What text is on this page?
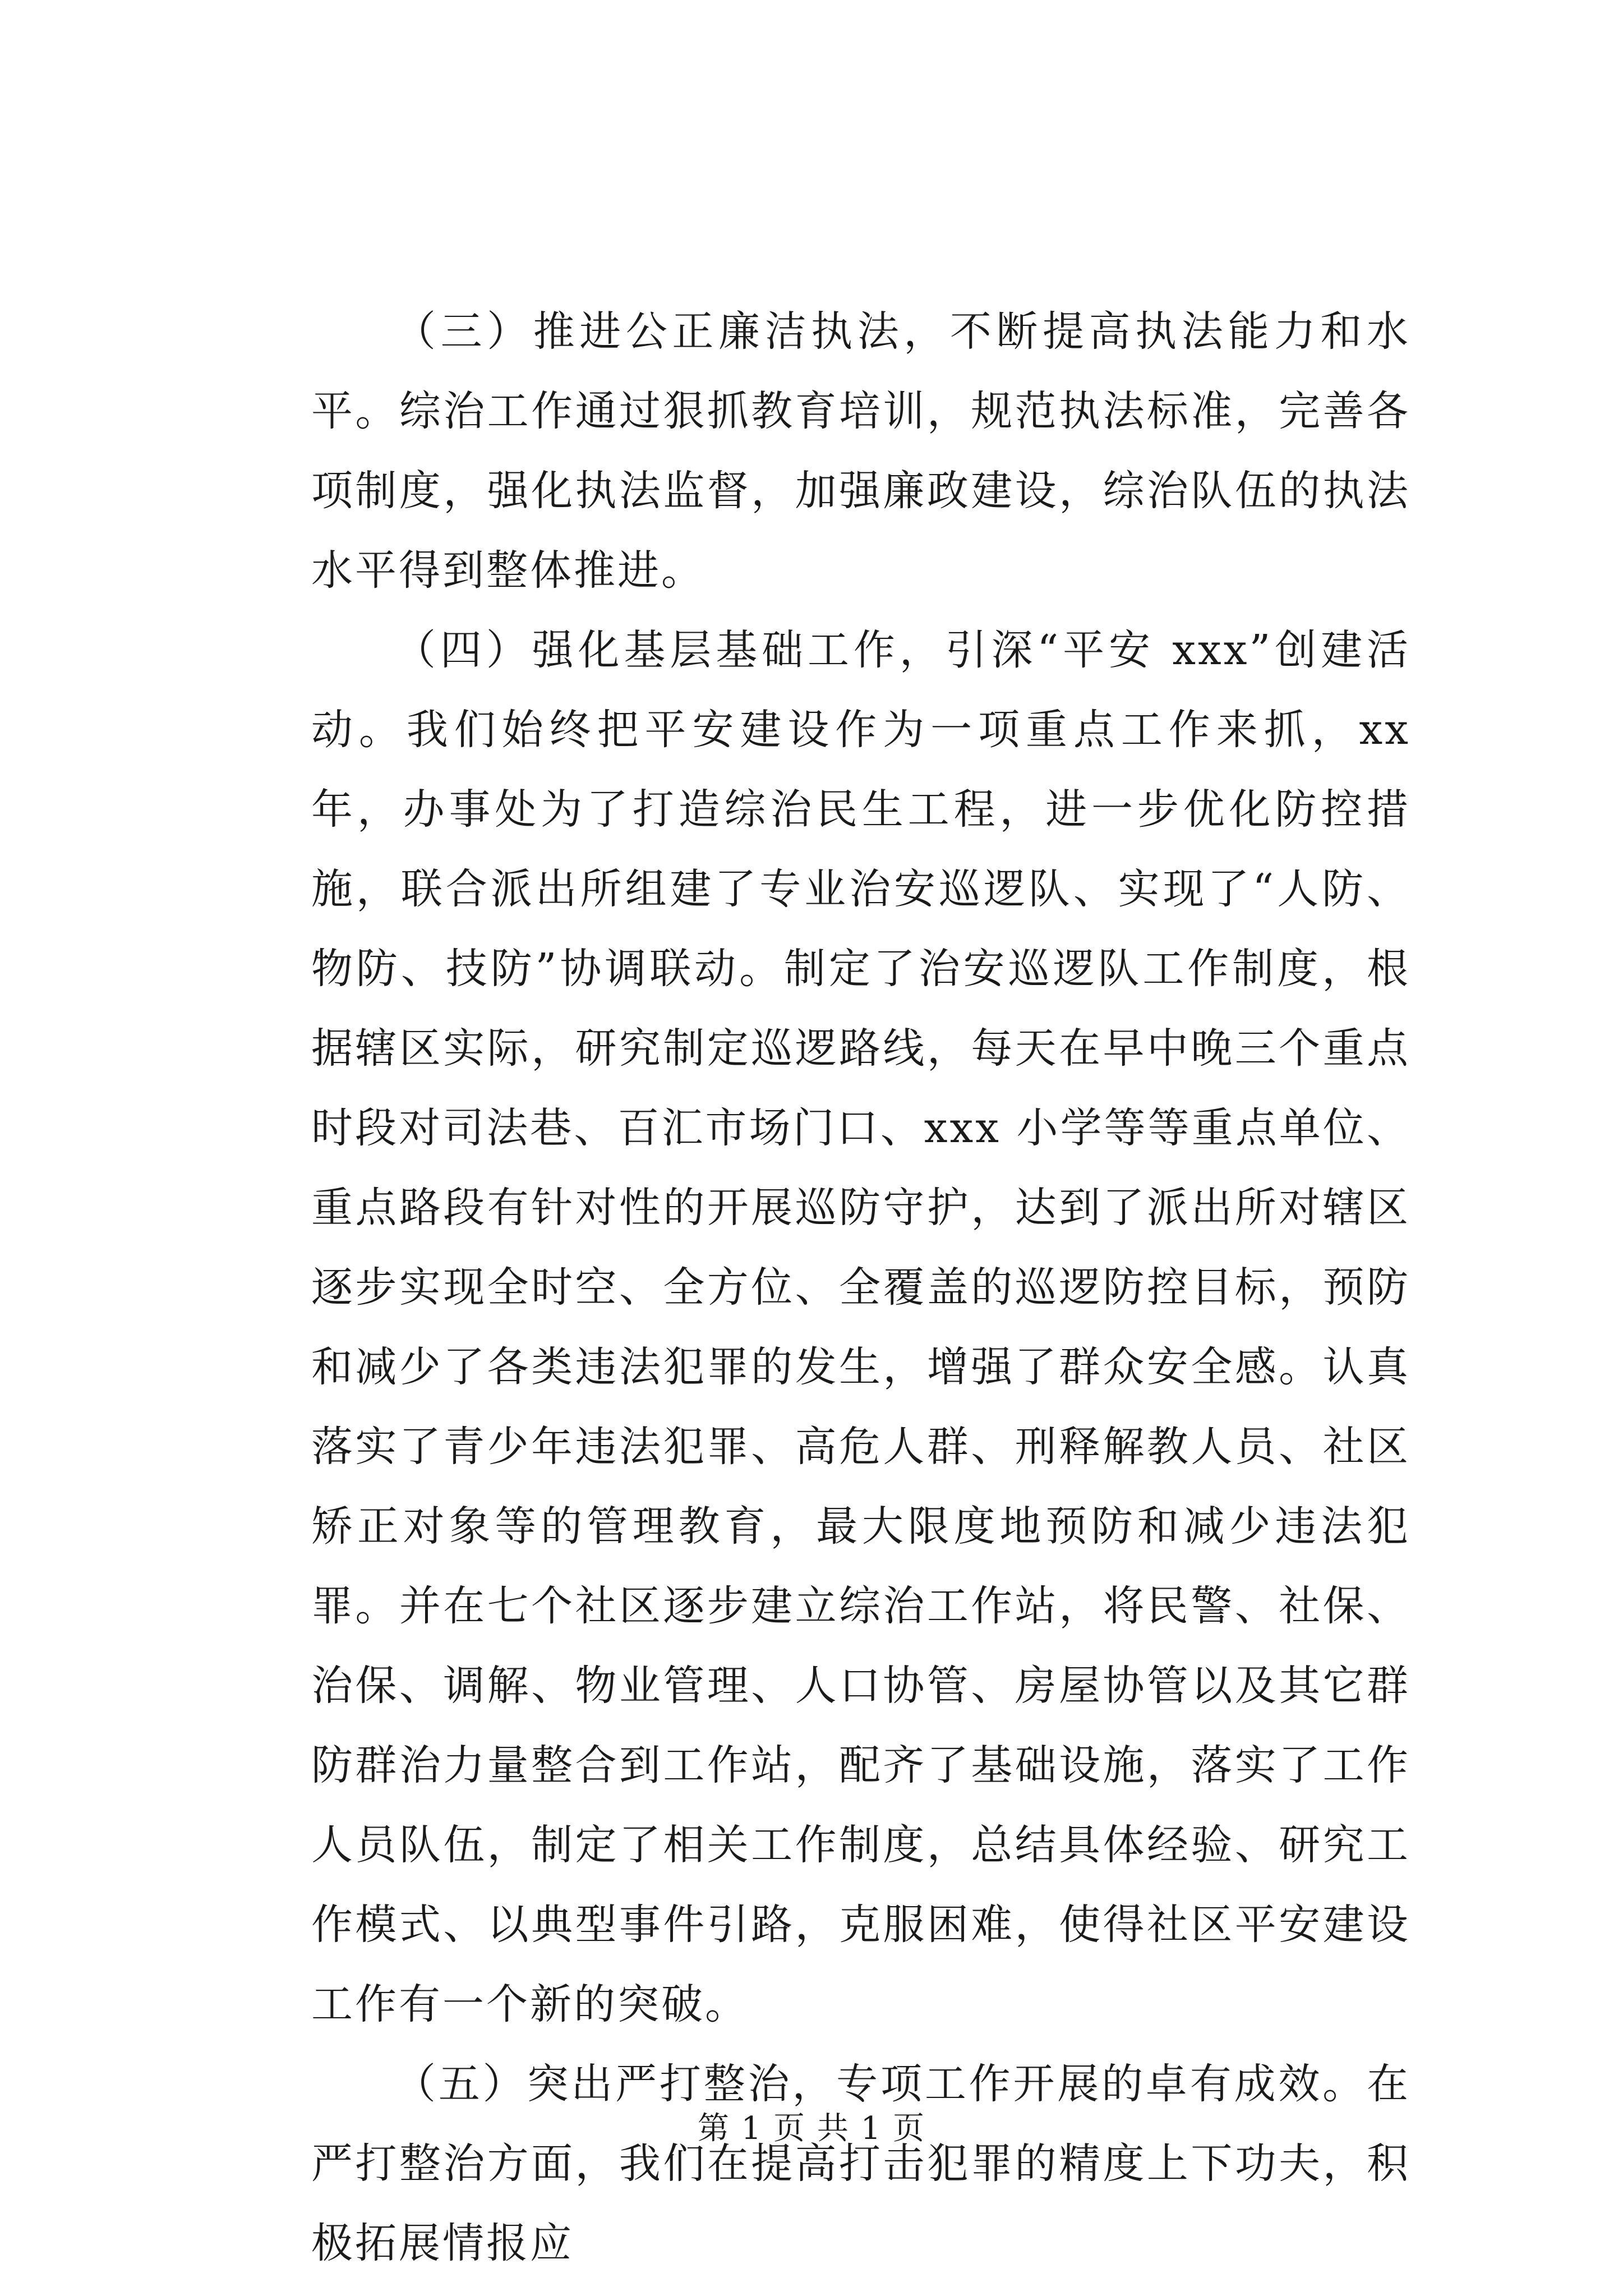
（三）推进公正廉洁执法，不断提高执法能力和水平。综治工作通过狠抓教育培训，规范执法标准，完善各项制度，强化执法监督，加强廉政建设，综治队伍的执法水平得到整体推进。

（四）强化基层基础工作，引深“平安 xxx”创建活动。我们始终把平安建设作为一项重点工作来抓，xx 年，办事处为了打造综治民生工程，进一步优化防控措施，联合派出所组建了专业治安巡逻队、实现了“人防、物防、技防”协调联动。制定了治安巡逻队工作制度，根据辖区实际，研究制定巡逻路线，每天在早中晚三个重点时段对司法巷、百汇市场门口、xxx 小学等等重点单位、重点路段有针对性的开展巡防守护，达到了派出所对辖区逐步实现全时空、全方位、全覆盖的巡逻防控目标，预防和减少了各类违法犯罪的发生，增强了群众安全感。认真落实了青少年违法犯罪、高危人群、刑释解教人员、社区矫正对象等的管理教育，最大限度地预防和减少违法犯罪。并在七个社区逐步建立综治工作站，将民警、社保、治保、调解、物业管理、人口协管、房屋协管以及其它群防群治力量整合到工作站，配齐了基础设施，落实了工作人员队伍，制定了相关工作制度，总结具体经验、研究工作模式、以典型事件引路，克服困难，使得社区平安建设工作有一个新的突破。

（五）突出严打整治，专项工作开展的卓有成效。在严打整治方面，我们在提高打击犯罪的精度上下功夫，积极拓展情报应

第 1 页 共 1 页
